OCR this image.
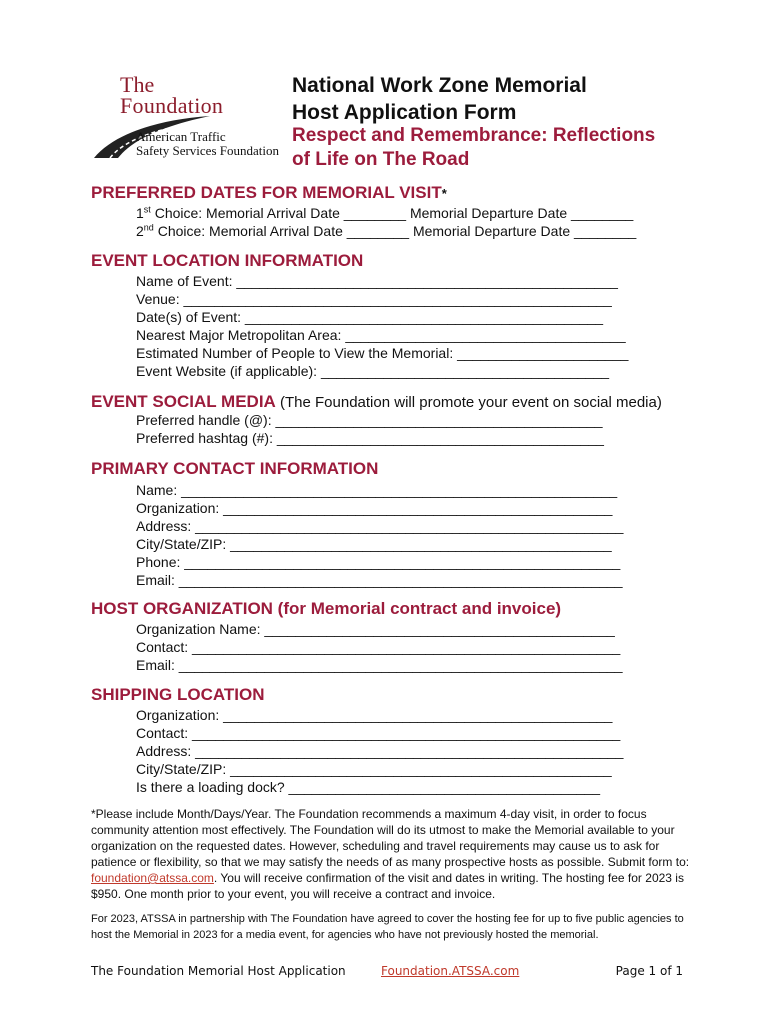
The
Foundation
American Traffic
Safety Services Foundation
National Work Zone Memorial
Host Application Form
Respect and Remembrance: Reflections
of Life on The Road
PREFERRED DATES FOR MEMORIAL VISIT*
1st Choice: Memorial Arrival Date ________ Memorial Departure Date ________
2nd Choice: Memorial Arrival Date ________ Memorial Departure Date ________
EVENT LOCATION INFORMATION
Name of Event: _________________________________________________
Venue: _______________________________________________________
Date(s) of Event: ______________________________________________
Nearest Major Metropolitan Area: ____________________________________
Estimated Number of People to View the Memorial: ______________________
Event Website (if applicable): _____________________________________
EVENT SOCIAL MEDIA (The Foundation will promote your event on social media)
Preferred handle (@): __________________________________________
Preferred hashtag (#): __________________________________________
PRIMARY CONTACT INFORMATION
Name: ________________________________________________________
Organization: __________________________________________________
Address: _______________________________________________________
City/State/ZIP: _________________________________________________
Phone: ________________________________________________________
Email: _________________________________________________________
HOST ORGANIZATION (for Memorial contract and invoice)
Organization Name: _____________________________________________
Contact: _______________________________________________________
Email: _________________________________________________________
SHIPPING LOCATION
Organization: __________________________________________________
Contact: _______________________________________________________
Address: _______________________________________________________
City/State/ZIP: _________________________________________________
Is there a loading dock? ________________________________________
*Please include Month/Days/Year. The Foundation recommends a maximum 4-day visit, in order to focus community attention most effectively. The Foundation will do its utmost to make the Memorial available to your organization on the requested dates. However, scheduling and travel requirements may cause us to ask for patience or flexibility, so that we may satisfy the needs of as many prospective hosts as possible. Submit form to: foundation@atssa.com. You will receive confirmation of the visit and dates in writing. The hosting fee for 2023 is $950. One month prior to your event, you will receive a contract and invoice.
For 2023, ATSSA in partnership with The Foundation have agreed to cover the hosting fee for up to five public agencies to host the Memorial in 2023 for a media event, for agencies who have not previously hosted the memorial.
The Foundation Memorial Host Application	Foundation.ATSSA.com	Page 1 of 1
